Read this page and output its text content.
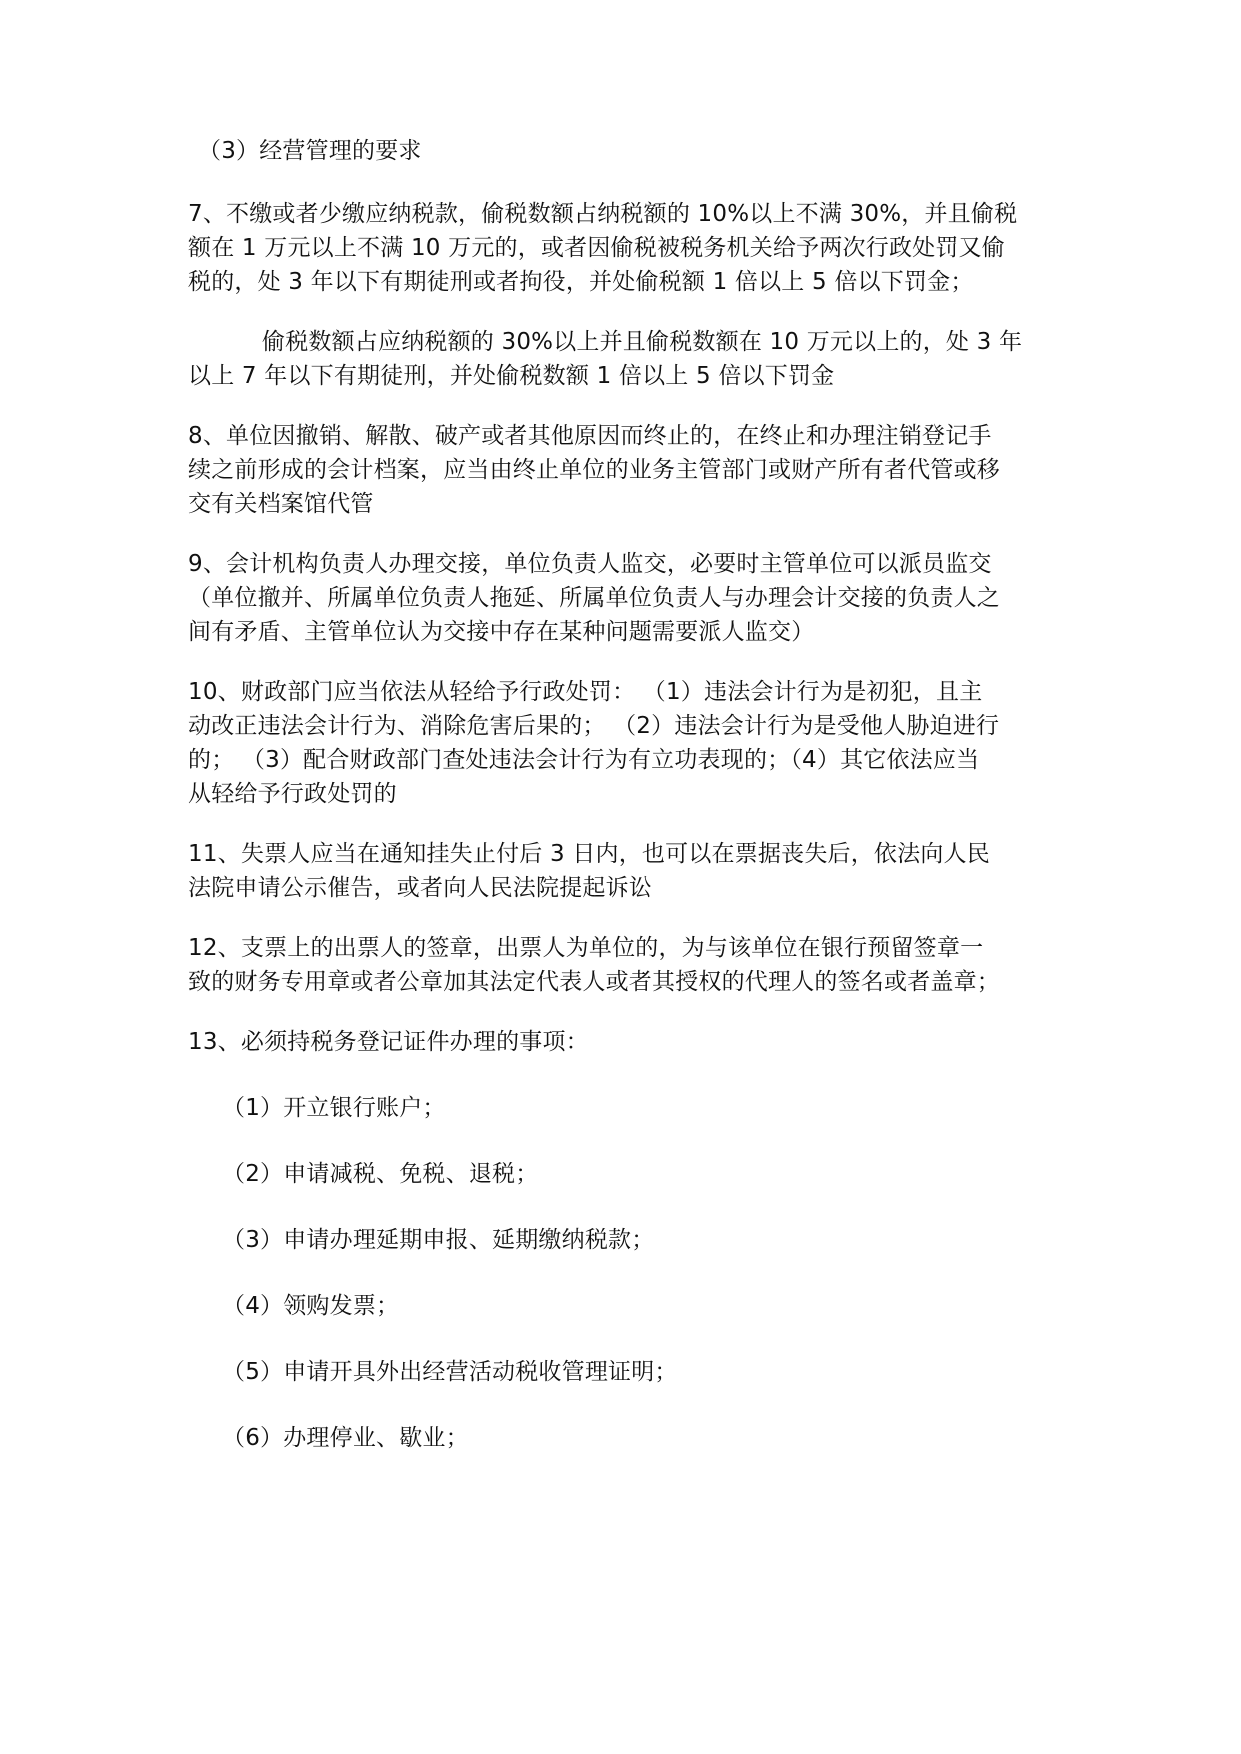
（3）经营管理的要求
7、不缴或者少缴应纳税款，偷税数额占纳税额的 10%以上不满 30%，并且偷税
额在 1 万元以上不满 10 万元的，或者因偷税被税务机关给予两次行政处罚又偷
税的，处 3 年以下有期徒刑或者拘役，并处偷税额 1 倍以上 5 倍以下罚金；
偷税数额占应纳税额的 30%以上并且偷税数额在 10 万元以上的，处 3 年
以上 7 年以下有期徒刑，并处偷税数额 1 倍以上 5 倍以下罚金
8、单位因撤销、解散、破产或者其他原因而终止的，在终止和办理注销登记手
续之前形成的会计档案，应当由终止单位的业务主管部门或财产所有者代管或移
交有关档案馆代管
9、会计机构负责人办理交接，单位负责人监交，必要时主管单位可以派员监交
（单位撤并、所属单位负责人拖延、所属单位负责人与办理会计交接的负责人之
间有矛盾、主管单位认为交接中存在某种问题需要派人监交）
10、财政部门应当依法从轻给予行政处罚： （1）违法会计行为是初犯，且主
动改正违法会计行为、消除危害后果的； （2）违法会计行为是受他人胁迫进行
的； （3）配合财政部门查处违法会计行为有立功表现的；（4）其它依法应当
从轻给予行政处罚的
11、失票人应当在通知挂失止付后 3 日内，也可以在票据丧失后，依法向人民
法院申请公示催告，或者向人民法院提起诉讼
12、支票上的出票人的签章，出票人为单位的，为与该单位在银行预留签章一
致的财务专用章或者公章加其法定代表人或者其授权的代理人的签名或者盖章；
13、必须持税务登记证件办理的事项：
（1）开立银行账户；
（2）申请减税、免税、退税；
（3）申请办理延期申报、延期缴纳税款；
（4）领购发票；
（5）申请开具外出经营活动税收管理证明；
（6）办理停业、歇业；
